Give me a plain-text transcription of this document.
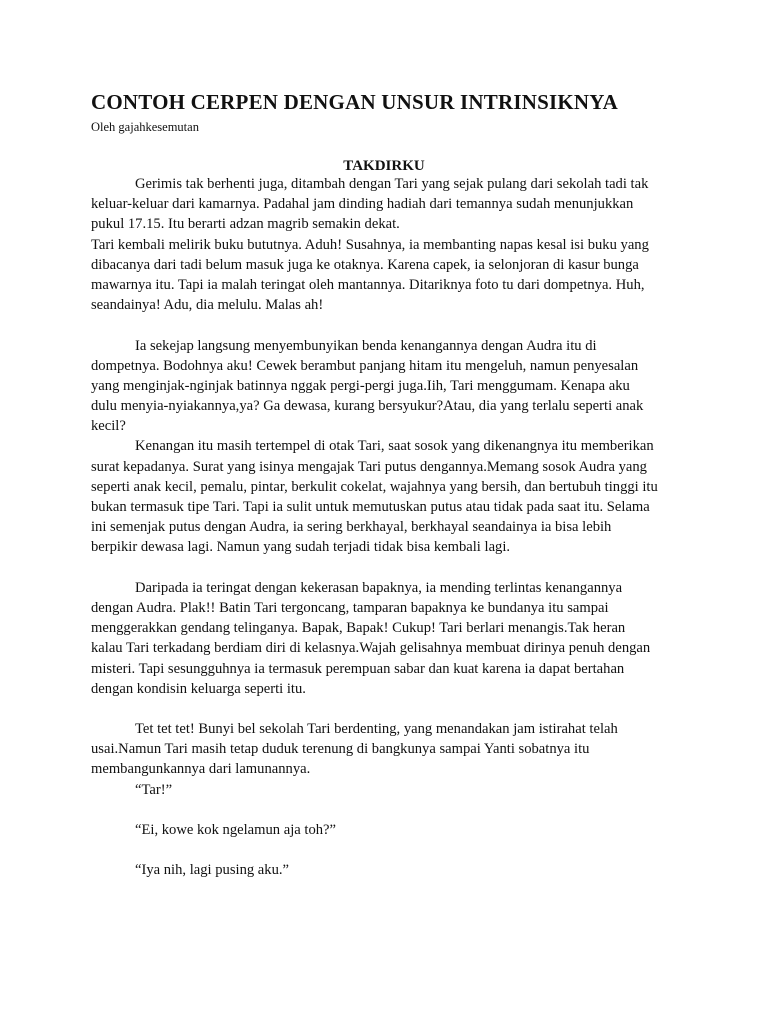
CONTOH CERPEN DENGAN UNSUR INTRINSIKNYA
Oleh gajahkesemutan
TAKDIRKU
Gerimis tak berhenti juga, ditambah dengan Tari yang sejak pulang dari sekolah tadi tak
keluar-keluar dari kamarnya. Padahal jam dinding hadiah dari temannya sudah menunjukkan
pukul 17.15. Itu berarti adzan magrib semakin dekat.
Tari kembali melirik buku bututnya. Aduh! Susahnya, ia membanting napas kesal isi buku yang
dibacanya dari tadi belum masuk juga ke otaknya. Karena capek, ia selonjoran di kasur bunga
mawarnya itu. Tapi ia malah teringat oleh mantannya. Ditariknya foto tu dari dompetnya. Huh,
seandainya! Adu, dia melulu. Malas ah!
Ia sekejap langsung menyembunyikan benda kenangannya dengan Audra itu di
dompetnya. Bodohnya aku! Cewek berambut panjang hitam itu mengeluh, namun penyesalan
yang menginjak-nginjak batinnya nggak pergi-pergi juga.Iih, Tari menggumam. Kenapa aku
dulu menyia-nyiakannya,ya? Ga dewasa, kurang bersyukur?Atau, dia yang terlalu seperti anak
kecil?
Kenangan itu masih tertempel di otak Tari, saat sosok yang dikenangnya itu memberikan
surat kepadanya. Surat yang isinya mengajak Tari putus dengannya.Memang sosok Audra yang
seperti anak kecil, pemalu, pintar, berkulit cokelat, wajahnya yang bersih, dan bertubuh tinggi itu
bukan termasuk tipe Tari. Tapi ia sulit untuk memutuskan putus atau tidak pada saat itu. Selama
ini semenjak putus dengan Audra, ia sering berkhayal, berkhayal seandainya ia bisa lebih
berpikir dewasa lagi. Namun yang sudah terjadi tidak bisa kembali lagi.
Daripada ia teringat dengan kekerasan bapaknya, ia mending terlintas kenangannya
dengan Audra. Plak!! Batin Tari tergoncang, tamparan bapaknya ke bundanya itu sampai
menggerakkan gendang telinganya. Bapak, Bapak! Cukup! Tari berlari menangis.Tak heran
kalau Tari terkadang berdiam diri di kelasnya.Wajah gelisahnya membuat dirinya penuh dengan
misteri. Tapi sesungguhnya ia termasuk perempuan sabar dan kuat karena ia dapat bertahan
dengan kondisin keluarga seperti itu.
Tet tet tet! Bunyi bel sekolah Tari berdenting, yang menandakan jam istirahat telah
usai.Namun Tari masih tetap duduk terenung di bangkunya sampai Yanti sobatnya itu
membangunkannya dari lamunannya.
“Tar!”
“Ei, kowe kok ngelamun aja toh?”
“Iya nih, lagi pusing aku.”
